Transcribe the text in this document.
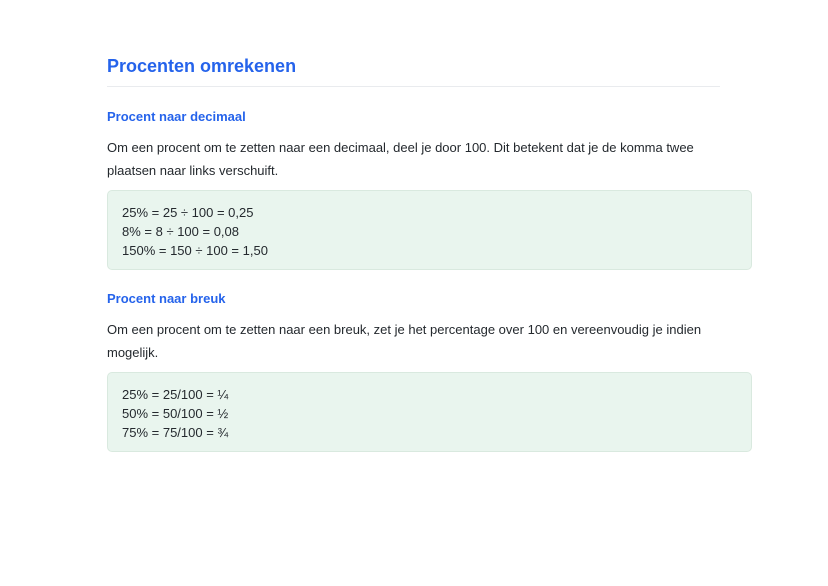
Procenten omrekenen
Procent naar decimaal

Om een procent om te zetten naar een decimaal, deel je door 100. Dit betekent dat je de komma twee plaatsen naar links verschuift.

25% = 25 ÷ 100 = 0,25
8% = 8 ÷ 100 = 0,08
150% = 150 ÷ 100 = 1,50
Procent naar breuk

Om een procent om te zetten naar een breuk, zet je het percentage over 100 en vereenvoudig je indien mogelijk.

25% = 25/100 = ¼
50% = 50/100 = ½
75% = 75/100 = ¾
